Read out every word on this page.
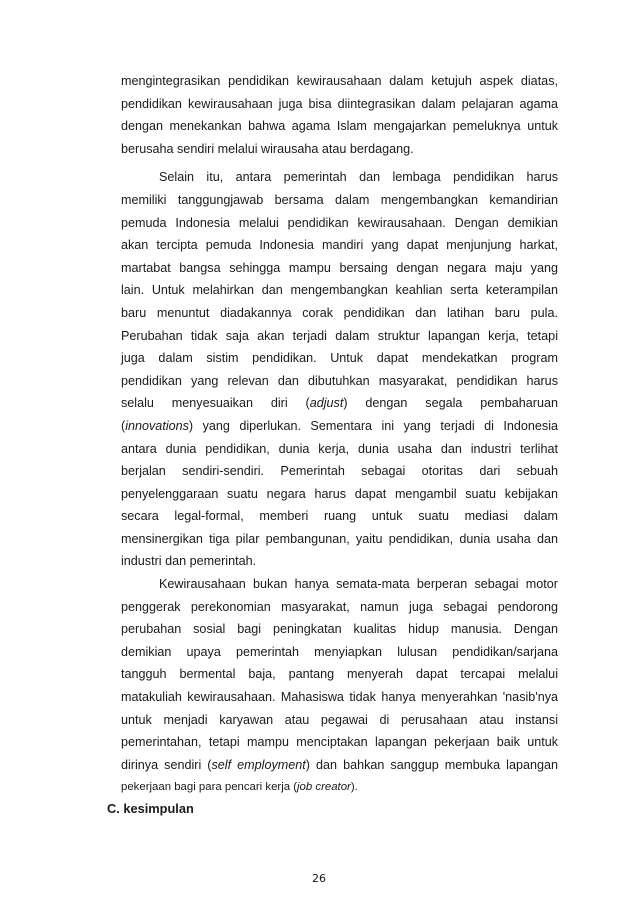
mengintegrasikan pendidikan kewirausahaan dalam ketujuh aspek diatas,
pendidikan kewirausahaan juga bisa diintegrasikan dalam pelajaran agama
dengan menekankan bahwa agama Islam mengajarkan pemeluknya untuk
berusaha sendiri melalui wirausaha atau berdagang.
Selain itu, antara pemerintah dan lembaga pendidikan harus
memiliki tanggungjawab bersama dalam mengembangkan kemandirian
pemuda Indonesia melalui pendidikan kewirausahaan. Dengan demikian
akan tercipta pemuda Indonesia mandiri yang dapat menjunjung harkat,
martabat bangsa sehingga mampu bersaing dengan negara maju yang
lain. Untuk melahirkan dan mengembangkan keahlian serta keterampilan
baru menuntut diadakannya corak pendidikan dan latihan baru pula.
Perubahan tidak saja akan terjadi dalam struktur lapangan kerja, tetapi
juga dalam sistim pendidikan. Untuk dapat mendekatkan program
pendidikan yang relevan dan dibutuhkan masyarakat, pendidikan harus
selalu menyesuaikan diri (adjust) dengan segala pembaharuan
(innovations) yang diperlukan. Sementara ini yang terjadi di Indonesia
antara dunia pendidikan, dunia kerja, dunia usaha dan industri terlihat
berjalan sendiri-sendiri. Pemerintah sebagai otoritas dari sebuah
penyelenggaraan suatu negara harus dapat mengambil suatu kebijakan
secara legal-formal, memberi ruang untuk suatu mediasi dalam
mensinergikan tiga pilar pembangunan, yaitu pendidikan, dunia usaha dan
industri dan pemerintah.
Kewirausahaan bukan hanya semata-mata berperan sebagai motor
penggerak perekonomian masyarakat, namun juga sebagai pendorong
perubahan sosial bagi peningkatan kualitas hidup manusia. Dengan
demikian upaya pemerintah menyiapkan lulusan pendidikan/sarjana
tangguh bermental baja, pantang menyerah dapat tercapai melalui
matakuliah kewirausahaan. Mahasiswa tidak hanya menyerahkan 'nasib'nya
untuk menjadi karyawan atau pegawai di perusahaan atau instansi
pemerintahan, tetapi mampu menciptakan lapangan pekerjaan baik untuk
dirinya sendiri (self employment) dan bahkan sanggup membuka lapangan
pekerjaan bagi para pencari kerja (job creator).
C. kesimpulan
26
